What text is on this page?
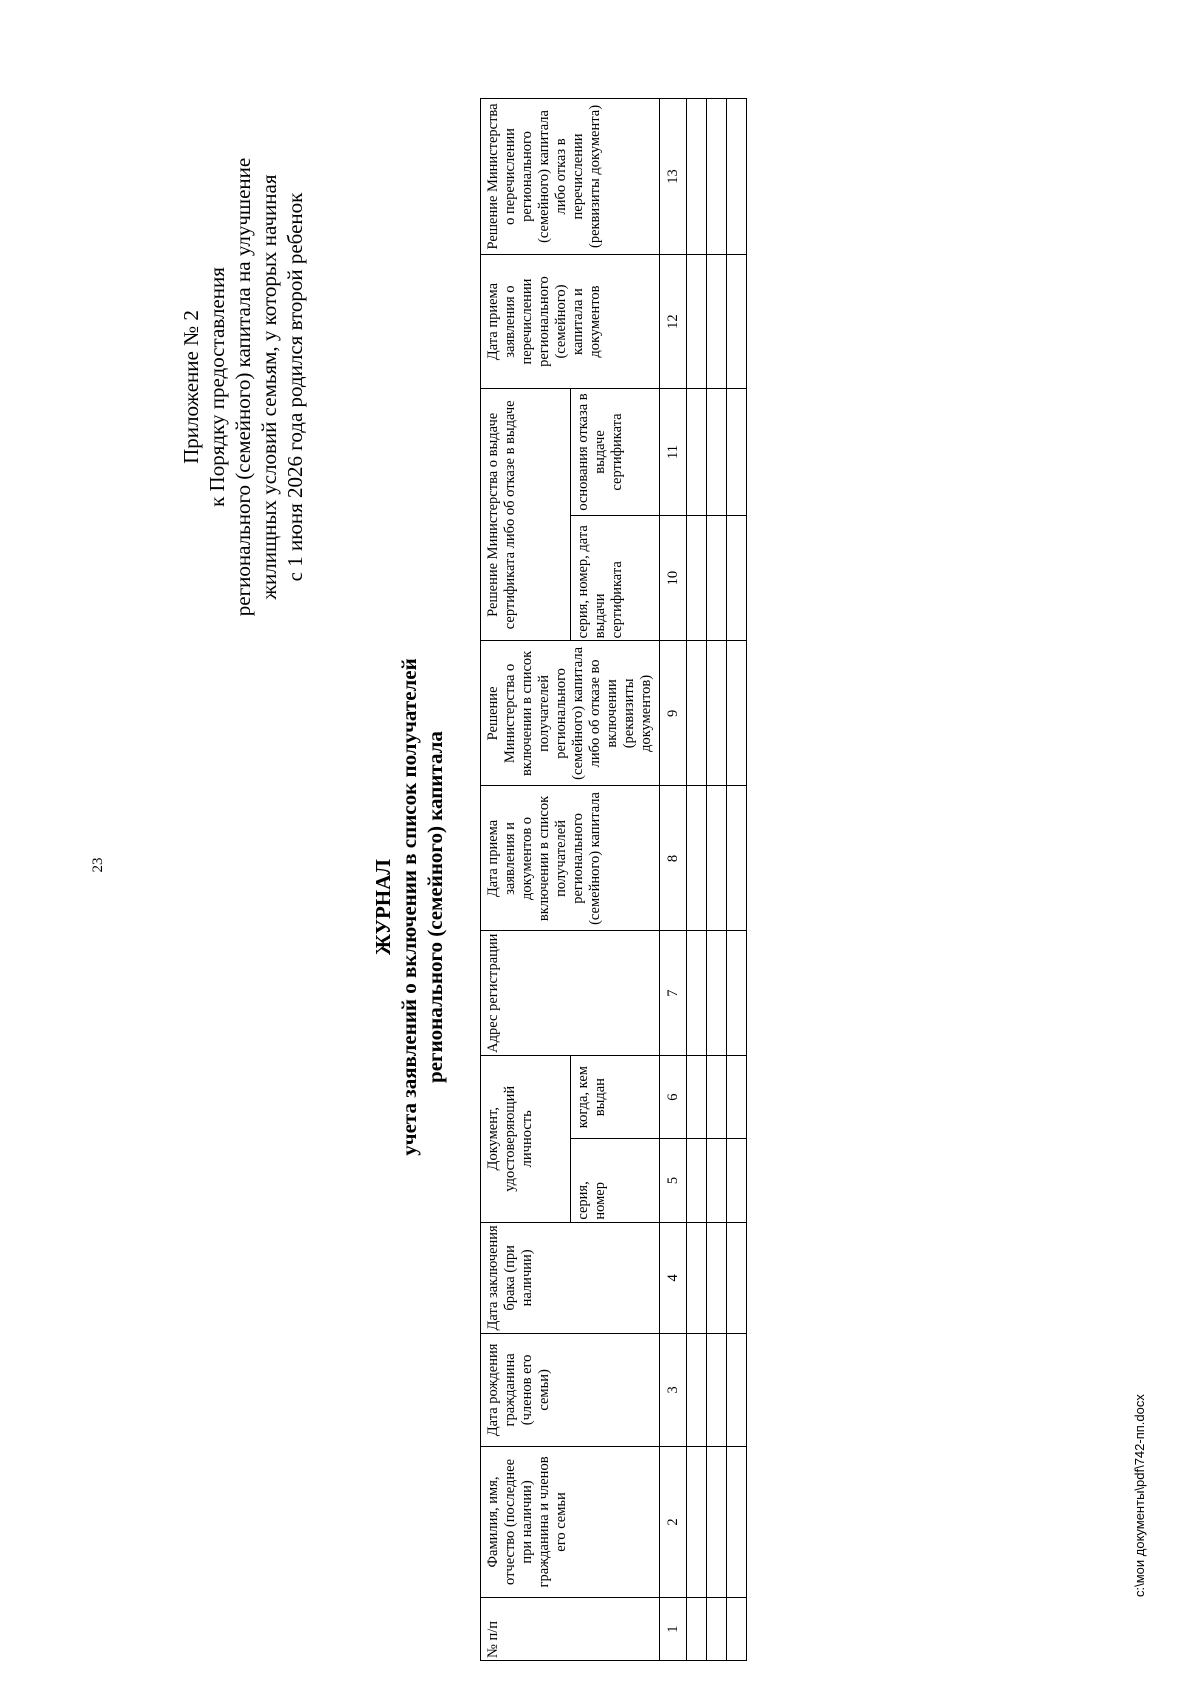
23
Приложение № 2 к Порядку предоставления регионального (семейного) капитала на улучшение жилищных условий семьям, у которых начиная с 1 июня 2026 года родился второй ребенок
ЖУРНАЛ учета заявлений о включении в список получателей регионального (семейного) капитала
№ п/п	Фамилия, имя, отчество (последнее при наличии) гражданина и членов его семьи	Дата рождения гражданина (членов его семьи)	Дата заключения брака (при наличии)	Документ, удостоверяющий личность		Адрес регистрации	Дата приема заявления и документов о включении в список получателей регионального (семейного) капитала	Решение Министерства о включении в список получателей регионального (семейного) капитала либо об отказе во включении (реквизиты документов)	Решение Министерства о выдаче сертификата либо об отказе в выдаче		Дата приема заявления о перечислении регионального (семейного) капитала и документов	Решение Министерства о перечислении регионального (семейного) капитала либо отказ в перечислении (реквизиты документа)
				серия, номер	когда, кем выдан				серия, номер, дата выдачи сертификата	основания отказа в выдаче сертификата		
1	2	3	4	5	6	7	8	9	10	11	12	13

c:\мои документы\pdf\742-пп.docx
